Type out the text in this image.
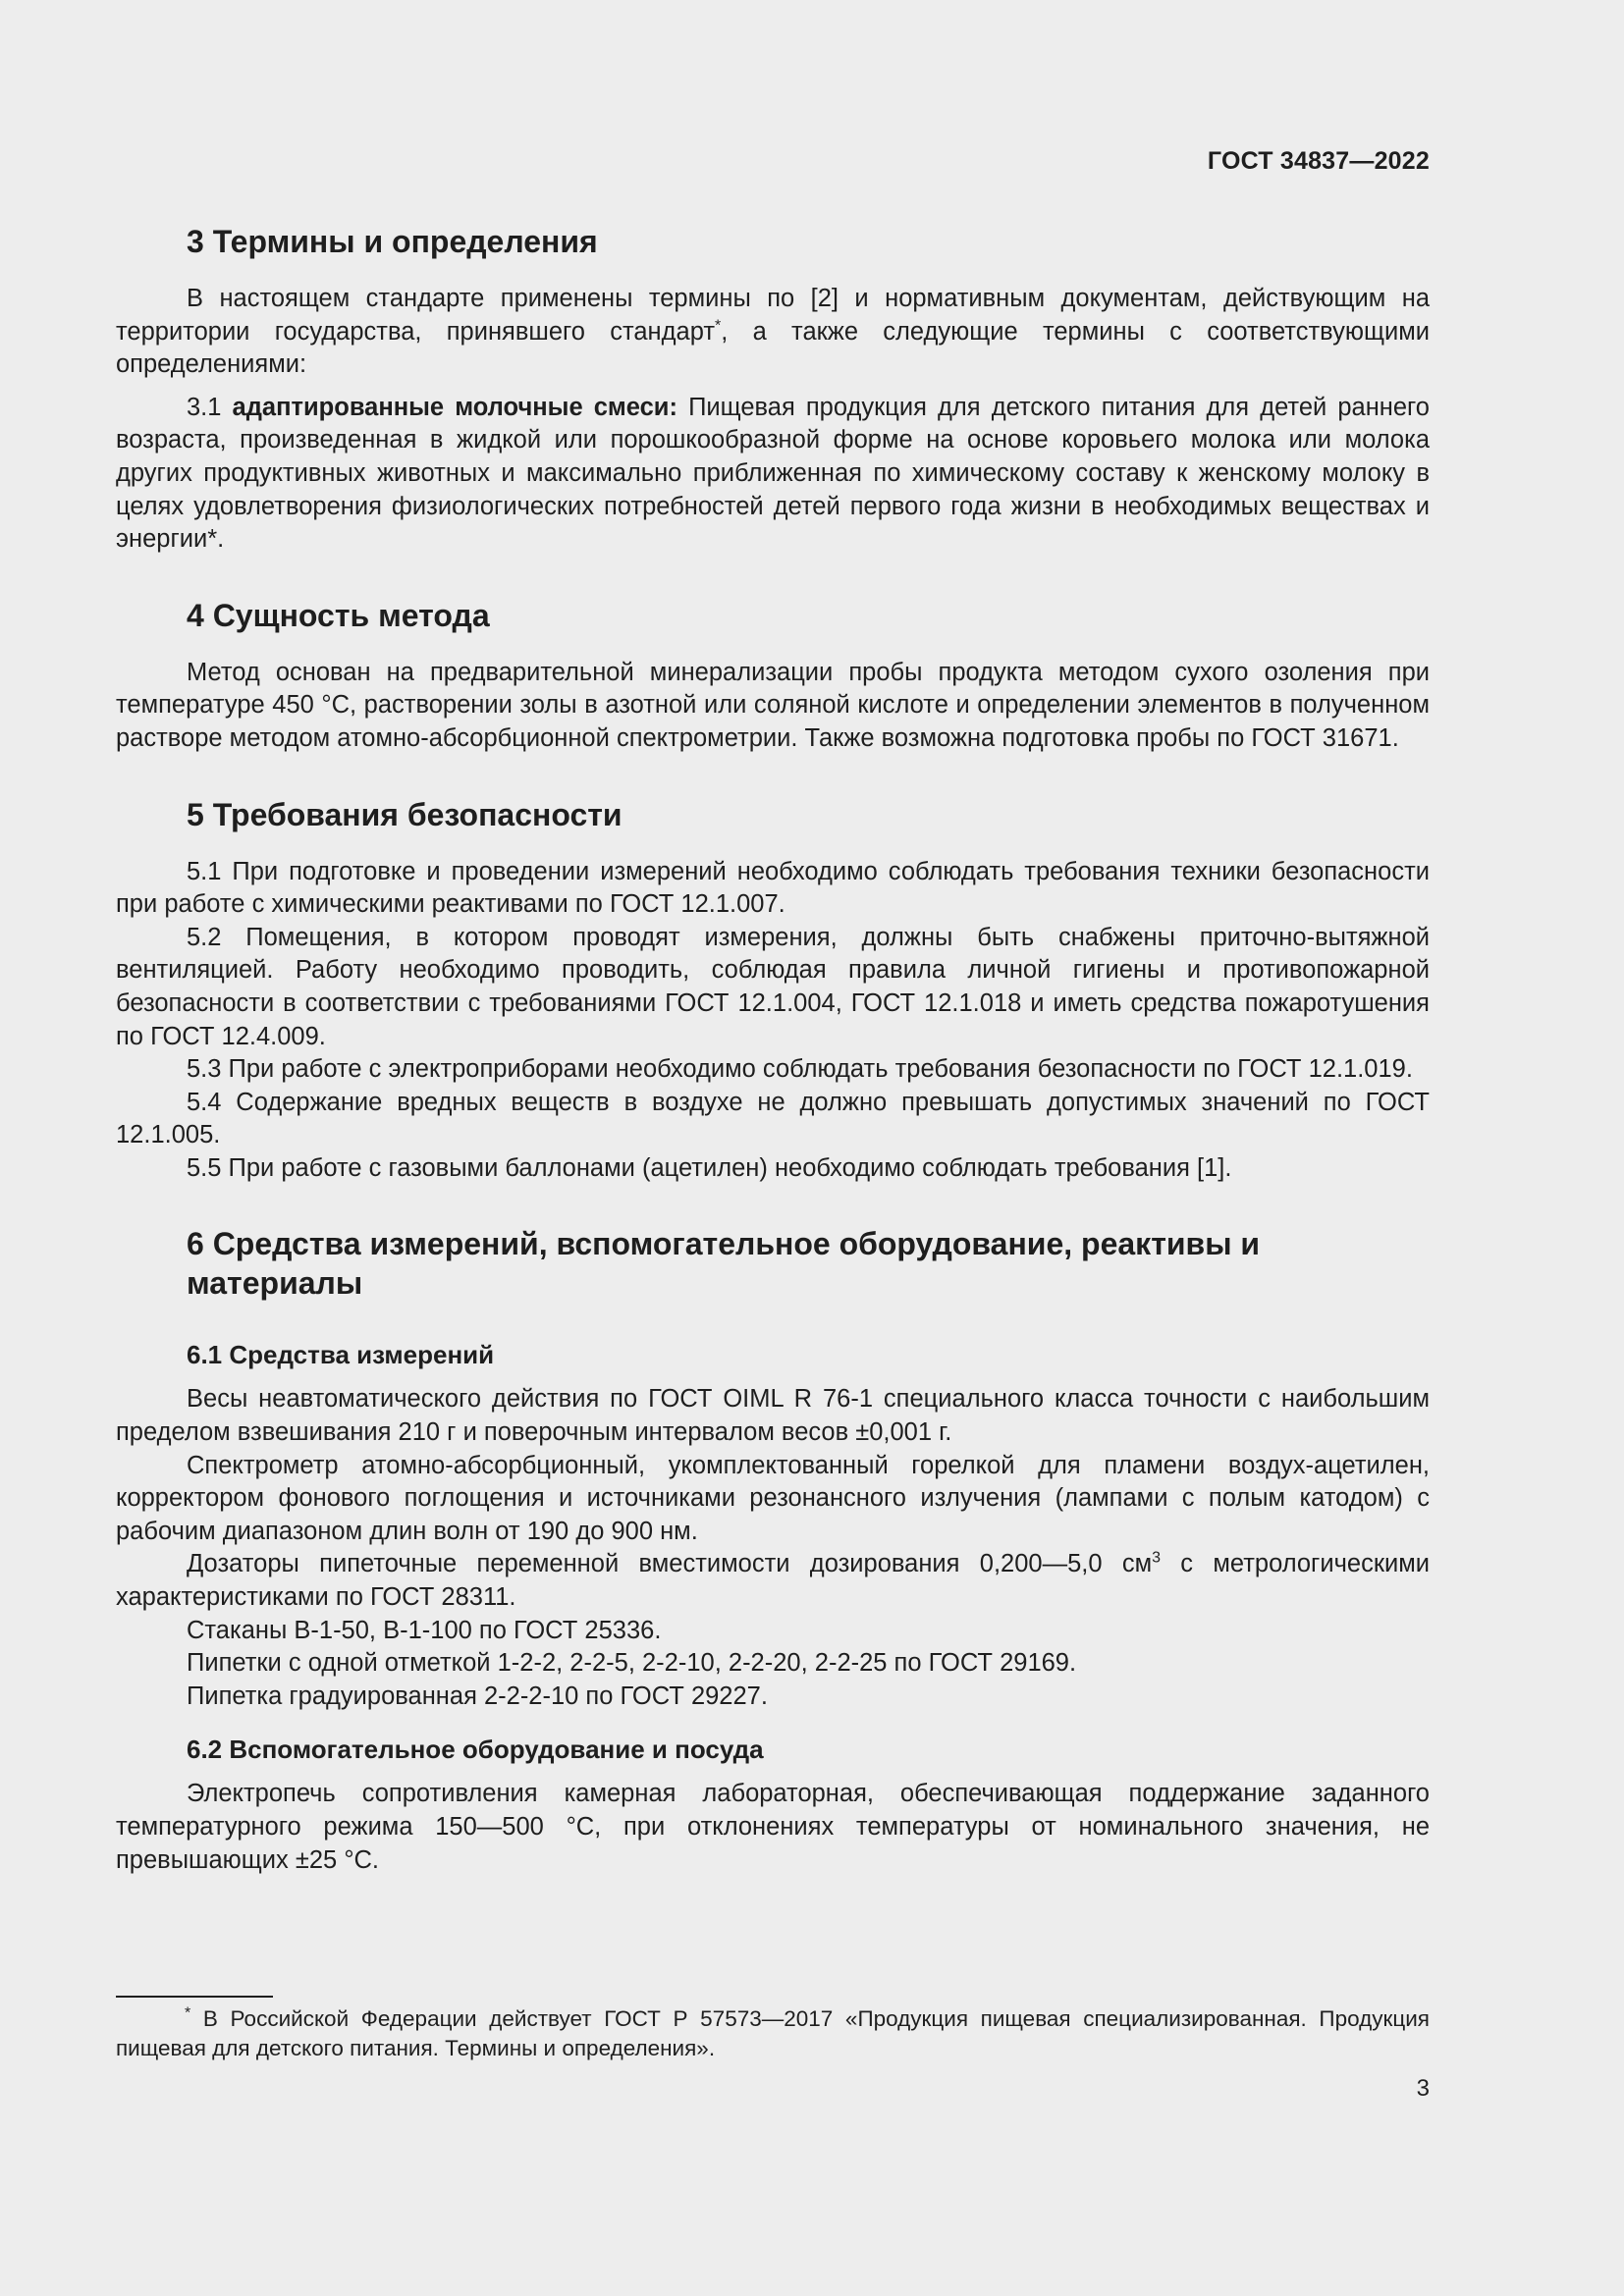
ГОСТ 34837—2022
3 Термины и определения

В настоящем стандарте применены термины по [2] и нормативным документам, действующим на территории государства, принявшего стандарт*, а также следующие термины с соответствующими определениями:

3.1 адаптированные молочные смеси: Пищевая продукция для детского питания для детей раннего возраста, произведенная в жидкой или порошкообразной форме на основе коровьего молока или молока других продуктивных животных и максимально приближенная по химическому составу к женскому молоку в целях удовлетворения физиологических потребностей детей первого года жизни в необходимых веществах и энергии*.

4 Сущность метода

Метод основан на предварительной минерализации пробы продукта методом сухого озоления при температуре 450 °С, растворении золы в азотной или соляной кислоте и определении элементов в полученном растворе методом атомно-абсорбционной спектрометрии. Также возможна подготовка пробы по ГОСТ 31671.

5 Требования безопасности

5.1 При подготовке и проведении измерений необходимо соблюдать требования техники безопасности при работе с химическими реактивами по ГОСТ 12.1.007.

5.2 Помещения, в котором проводят измерения, должны быть снабжены приточно-вытяжной вентиляцией. Работу необходимо проводить, соблюдая правила личной гигиены и противопожарной безопасности в соответствии с требованиями ГОСТ 12.1.004, ГОСТ 12.1.018 и иметь средства пожаротушения по ГОСТ 12.4.009.

5.3 При работе с электроприборами необходимо соблюдать требования безопасности по ГОСТ 12.1.019.

5.4 Содержание вредных веществ в воздухе не должно превышать допустимых значений по ГОСТ 12.1.005.

5.5 При работе с газовыми баллонами (ацетилен) необходимо соблюдать требования [1].

6 Средства измерений, вспомогательное оборудование, реактивы и материалы
6.1 Средства измерений

Весы неавтоматического действия по ГОСТ OIML R 76-1 специального класса точности с наибольшим пределом взвешивания 210 г и поверочным интервалом весов ±0,001 г.

Спектрометр атомно-абсорбционный, укомплектованный горелкой для пламени воздух-ацетилен, корректором фонового поглощения и источниками резонансного излучения (лампами с полым катодом) с рабочим диапазоном длин волн от 190 до 900 нм.

Дозаторы пипеточные переменной вместимости дозирования 0,200—5,0 $см^3$ с метрологическими характеристиками по ГОСТ 28311.

Стаканы В-1-50, В-1-100 по ГОСТ 25336.

Пипетки с одной отметкой 1-2-2, 2-2-5, 2-2-10, 2-2-20, 2-2-25 по ГОСТ 29169.

Пипетка градуированная 2-2-2-10 по ГОСТ 29227.

6.2 Вспомогательное оборудование и посуда

Электропечь сопротивления камерная лабораторная, обеспечивающая поддержание заданного температурного режима 150—500 °С, при отклонениях температуры от номинального значения, не превышающих ±25 °С.

* В Российской Федерации действует ГОСТ Р 57573—2017 «Продукция пищевая специализированная. Продукция пищевая для детского питания. Термины и определения».

3
